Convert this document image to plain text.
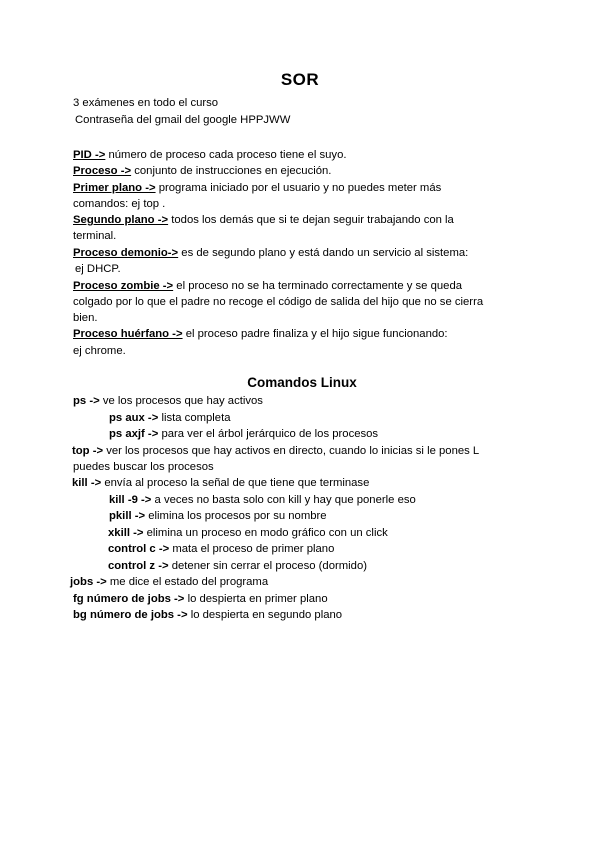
SOR
3 exámenes en todo el curso
Contraseña del gmail del google HPPJWW
PID -> número de proceso cada proceso tiene el suyo.
Proceso -> conjunto de instrucciones en ejecución.
Primer plano -> programa iniciado por el usuario y no puedes meter más
comandos: ej top .
Segundo plano -> todos los demás que si te dejan seguir trabajando con la
terminal.
Proceso demonio-> es de segundo plano y está dando un servicio al sistema:
ej DHCP.
Proceso zombie -> el proceso no se ha terminado correctamente y se queda
colgado por lo que el padre no recoge el código de salida del hijo que no se cierra
bien.
Proceso huérfano -> el proceso padre finaliza y el hijo sigue funcionando:
ej chrome.
Comandos Linux
ps -> ve los procesos que hay activos
ps aux -> lista completa
ps axjf -> para ver el árbol jerárquico de los procesos
top -> ver los procesos que hay activos en directo, cuando lo inicias si le pones L
puedes buscar los procesos
kill -> envía al proceso la señal de que tiene que terminase
kill -9 -> a veces no basta solo con kill y hay que ponerle eso
pkill -> elimina los procesos por su nombre
xkill -> elimina un proceso en modo gráfico con un click
control c -> mata el proceso de primer plano
control z -> detener sin cerrar el proceso (dormido)
jobs -> me dice el estado del programa
fg número de jobs -> lo despierta en primer plano
bg número de jobs -> lo despierta en segundo plano
